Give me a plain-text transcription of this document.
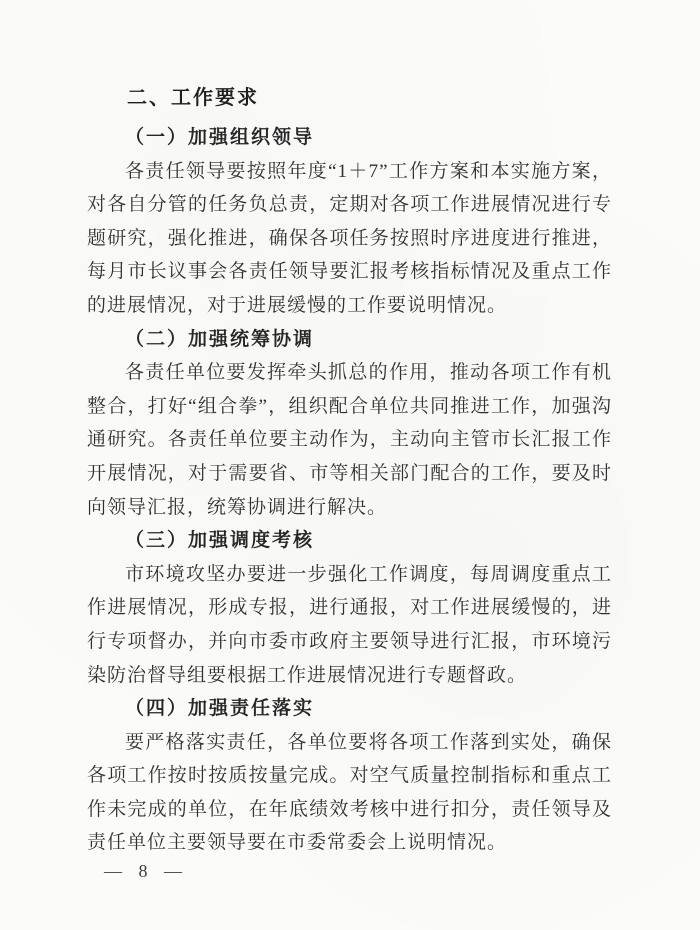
二、工作要求
（一）加强组织领导

各责任领导要按照年度“1＋7”工作方案和本实施方案，对各自分管的任务负总责，定期对各项工作进展情况进行专题研究，强化推进，确保各项任务按照时序进度进行推进，每月市长议事会各责任领导要汇报考核指标情况及重点工作的进展情况，对于进展缓慢的工作要说明情况。

（二）加强统筹协调

各责任单位要发挥牵头抓总的作用，推动各项工作有机整合，打好“组合拳”，组织配合单位共同推进工作，加强沟通研究。各责任单位要主动作为，主动向主管市长汇报工作开展情况，对于需要省、市等相关部门配合的工作，要及时向领导汇报，统筹协调进行解决。

（三）加强调度考核

市环境攻坚办要进一步强化工作调度，每周调度重点工作进展情况，形成专报，进行通报，对工作进展缓慢的，进行专项督办，并向市委市政府主要领导进行汇报，市环境污染防治督导组要根据工作进展情况进行专题督政。

（四）加强责任落实

要严格落实责任，各单位要将各项工作落到实处，确保各项工作按时按质按量完成。对空气质量控制指标和重点工作未完成的单位，在年底绩效考核中进行扣分，责任领导及责任单位主要领导要在市委常委会上说明情况。

— 8 —
